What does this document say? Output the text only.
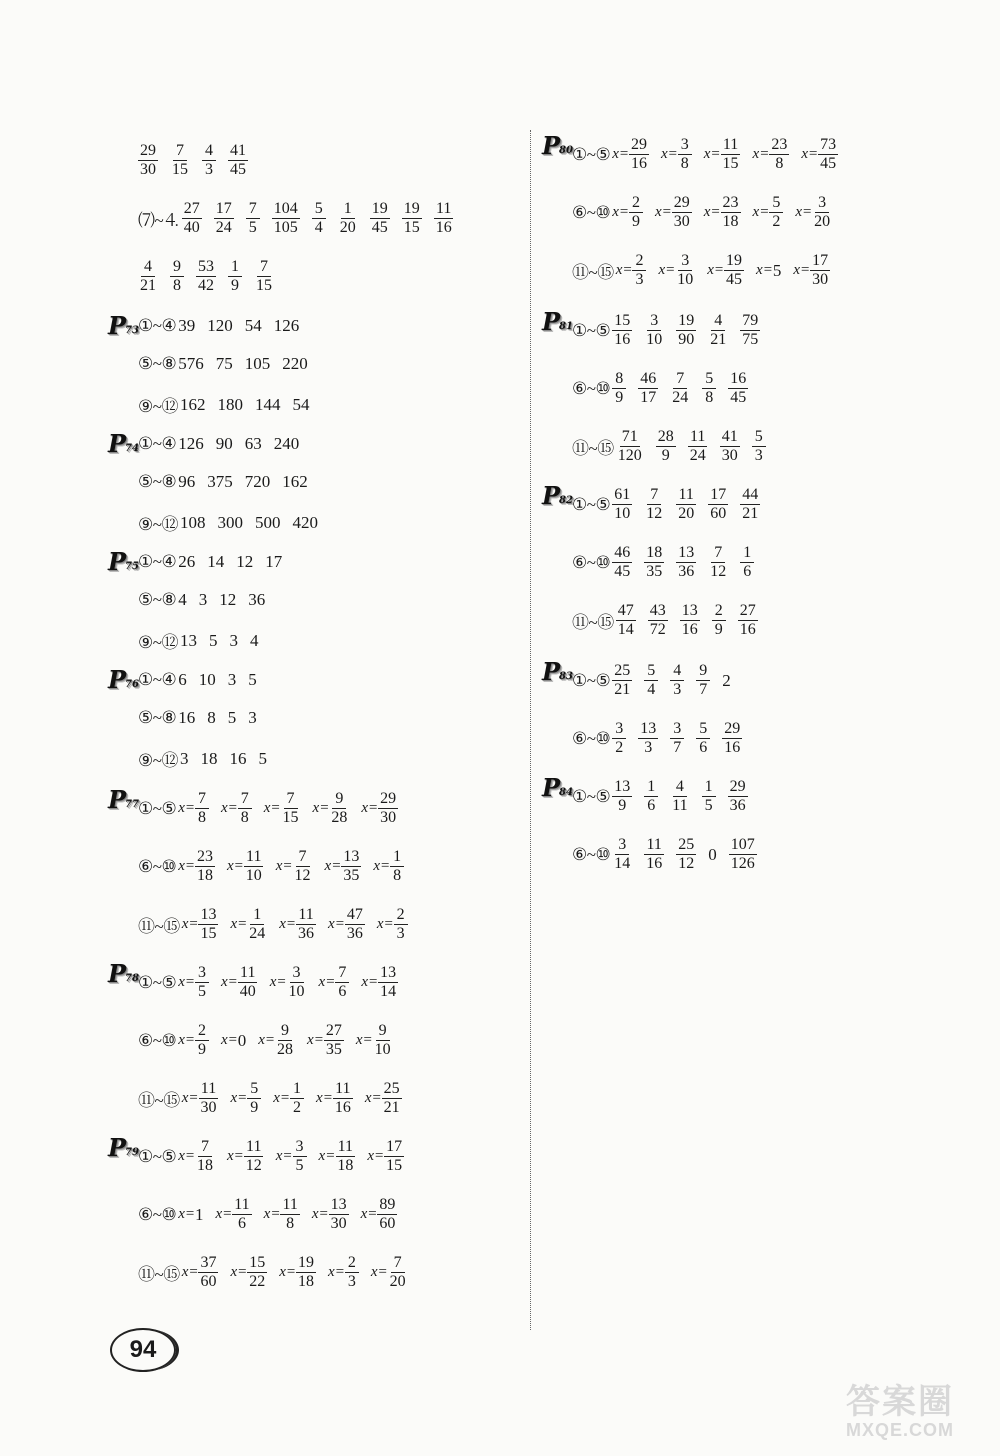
$\frac{29}{30} \frac{7}{15} \frac{4}{3} \frac{41}{45}$
⑺~⒋ $\frac{27}{40} \frac{17}{24} \frac{7}{5} \frac{104}{105} \frac{5}{4} \frac{1}{20} \frac{19}{45} \frac{19}{15} \frac{11}{16}$
$\frac{4}{21} \frac{9}{8} \frac{53}{42} \frac{1}{9} \frac{7}{15}$
P 73 ①~④ 39 120 54 126
⑤~⑧ 576 75 105 220
⑨~⑫ 162 180 144 54
P 74 ①~④ 126 90 63 240
⑤~⑧ 96 375 720 162
⑨~⑫ 108 300 500 420
P 75 ①~④ 26 14 12 17
⑤~⑧ 4 3 12 36
⑨~⑫ 13 5 3 4
P 76 ①~④ 6 10 3 5
⑤~⑧ 16 8 5 3
⑨~⑫ 3 18 16 5
P 77 ①~⑤ $x= \frac{7}{8} x= \frac{7}{8} x= \frac{7}{15} x= \frac{9}{28} x= \frac{29}{30}$
⑥~⑩ $x= \frac{23}{18} x= \frac{11}{10} x= \frac{7}{12} x= \frac{13}{35} x= \frac{1}{8}$
⑪~⑮ $x= \frac{13}{15} x= \frac{1}{24} x= \frac{11}{36} x= \frac{47}{36} x= \frac{2}{3}$
P 78 ①~⑤ $x= \frac{3}{5} x= \frac{11}{40} x= \frac{3}{10} x= \frac{7}{6} x= \frac{13}{14}$
⑥~⑩ $x= \frac{2}{9} x= 0$ $x= \frac{9}{28} x= \frac{27}{35} x= \frac{9}{10}$
⑪~⑮ $x= \frac{11}{30} x= \frac{5}{9} x= \frac{1}{2} x= \frac{11}{16} x= \frac{25}{21}$
P 79 ①~⑤ $x= \frac{7}{18} x= \frac{11}{12} x= \frac{3}{5} x= \frac{11}{18} x= \frac{17}{15}$
⑥~⑩ x= 1 $x= \frac{11}{6} x= \frac{11}{8} x= \frac{13}{30} x= \frac{89}{60}$
⑪~⑮ $x= \frac{37}{60} x= \frac{15}{22} x= \frac{19}{18} x= \frac{2}{3} x= \frac{7}{20}$
P 80 ①~⑤ $x= \frac{29}{16} x= \frac{3}{8} x= \frac{11}{15} x= \frac{23}{8} x= \frac{73}{45}$
⑥~⑩ $x= \frac{2}{9} x= \frac{29}{30} x= \frac{23}{18} x= \frac{5}{2} x= \frac{3}{20}$
⑪~⑮ $x= \frac{2}{3} x= \frac{3}{10} x= \frac{19}{45} x= 5$ $x= \frac{17}{30}$
P 81 ①~⑤ $\frac{15}{16} \frac{3}{10} \frac{19}{90} \frac{4}{21} \frac{79}{75}$
⑥~⑩ $\frac{8}{9} \frac{46}{17} \frac{7}{24} \frac{5}{8} \frac{16}{45}$
⑪~⑮ $\frac{71}{120} \frac{28}{9} \frac{11}{24} \frac{41}{30} \frac{5}{3}$
P 82 ①~⑤ $\frac{61}{10} \frac{7}{12} \frac{11}{20} \frac{17}{60} \frac{44}{21}$
⑥~⑩ $\frac{46}{45} \frac{18}{35} \frac{13}{36} \frac{7}{12} \frac{1}{6}$
⑪~⑮ $\frac{47}{14} \frac{43}{72} \frac{13}{16} \frac{2}{9} \frac{27}{16}$
P 83 ①~⑤ $\frac{25}{21} \frac{5}{4} \frac{4}{3} \frac{9}{7} 2$
⑥~⑩ $\frac{3}{2} \frac{13}{3} \frac{3}{7} \frac{5}{6} \frac{29}{16}$
P 84 ①~⑤ $\frac{13}{9} \frac{1}{6} \frac{4}{11} \frac{1}{5} \frac{29}{36}$
⑥~⑩ $\frac{3}{14} \frac{11}{16} \frac{25}{12} 0 \frac{107}{126}$
94
答案圈
MXQE.COM
